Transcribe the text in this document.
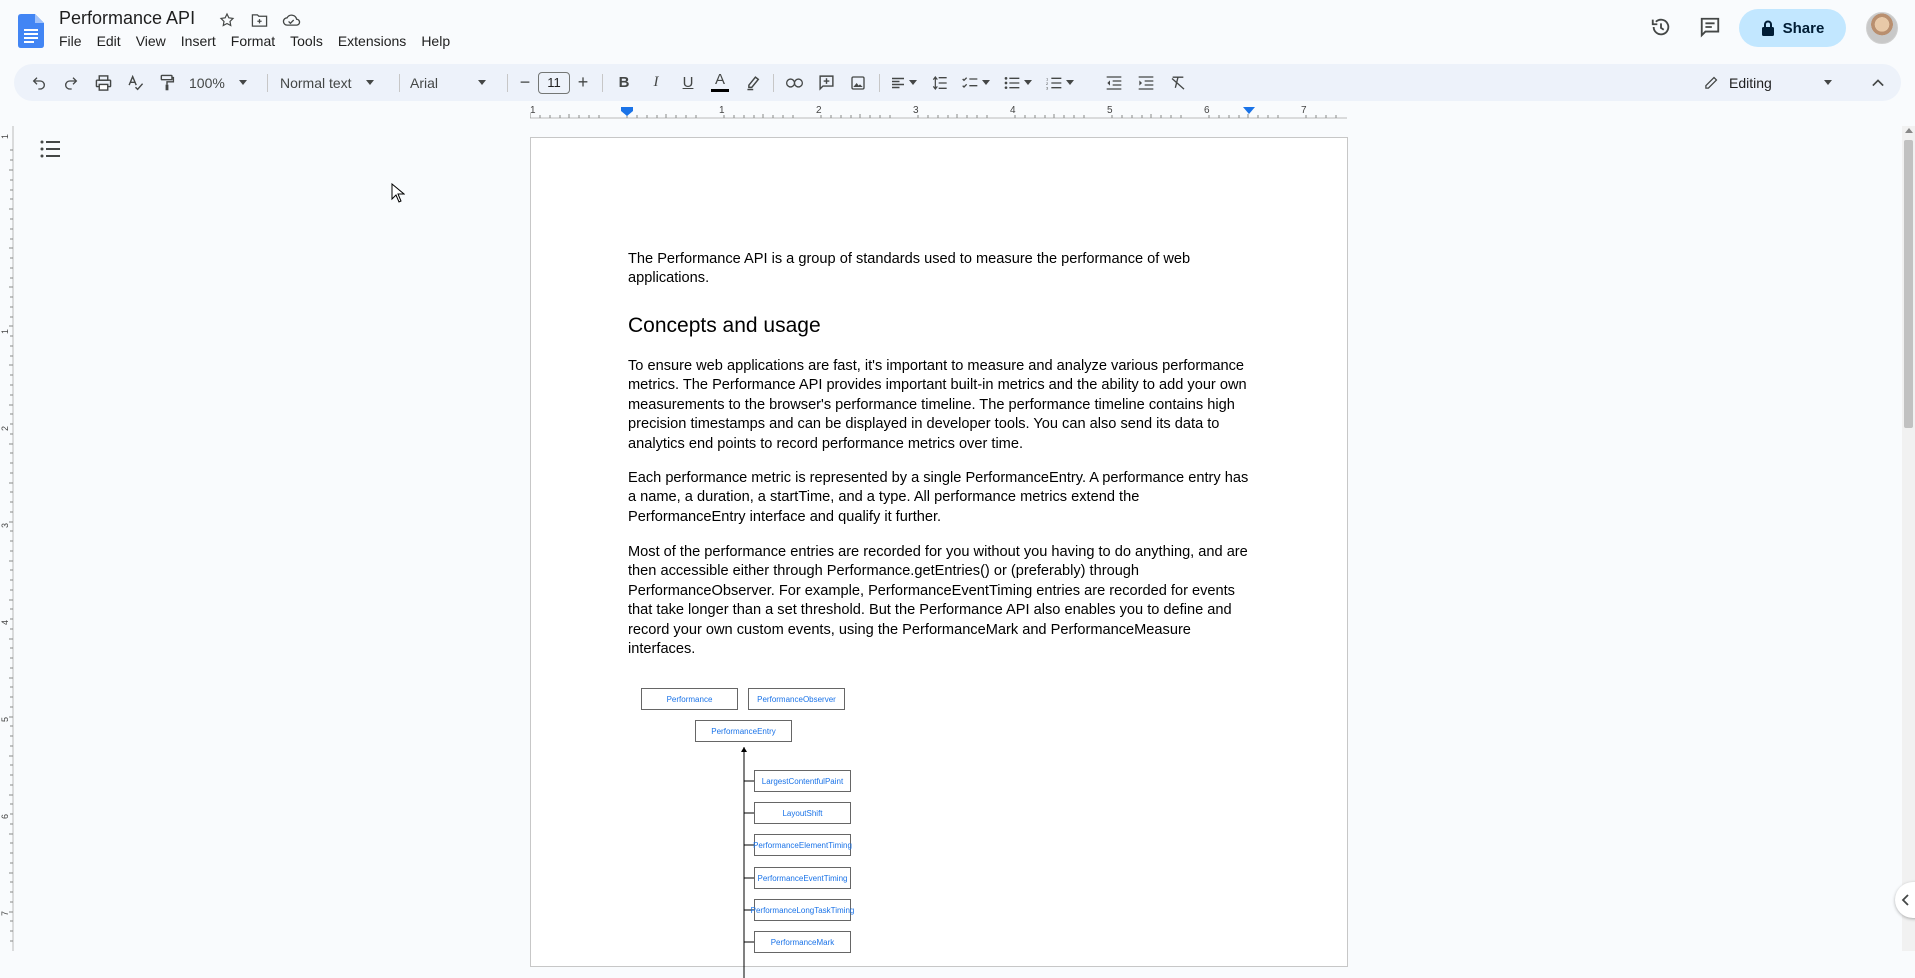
Performance API
File	Edit	View	Insert	Format	Tools	Extensions	Help
Share
100%	Normal text	Arial	−	11 +	B	I	U	A	1
2
3	Editing
1	1	2	3	4	5	6	7
1
1
2
3
4
5
6
7
The Performance API is a group of standards used to measure the performance of web applications.
Concepts and usage
To ensure web applications are fast, it's important to measure and analyze various performance metrics. The Performance API provides important built-in metrics and the ability to add your own measurements to the browser's performance timeline. The performance timeline contains high precision timestamps and can be displayed in developer tools. You can also send its data to analytics end points to record performance metrics over time.
Each performance metric is represented by a single PerformanceEntry. A performance entry has a name, a duration, a startTime, and a type. All performance metrics extend the PerformanceEntry interface and qualify it further.
Most of the performance entries are recorded for you without you having to do anything, and are then accessible either through Performance.getEntries() or (preferably) through PerformanceObserver. For example, PerformanceEventTiming entries are recorded for events that take longer than a set threshold. But the Performance API also enables you to define and record your own custom events, using the PerformanceMark and PerformanceMeasure interfaces.
Performance	PerformanceObserver
PerformanceEntry
LargestContentfulPaint
LayoutShift
PerformanceElementTiming
PerformanceEventTiming
PerformanceLongTaskTiming
PerformanceMark
